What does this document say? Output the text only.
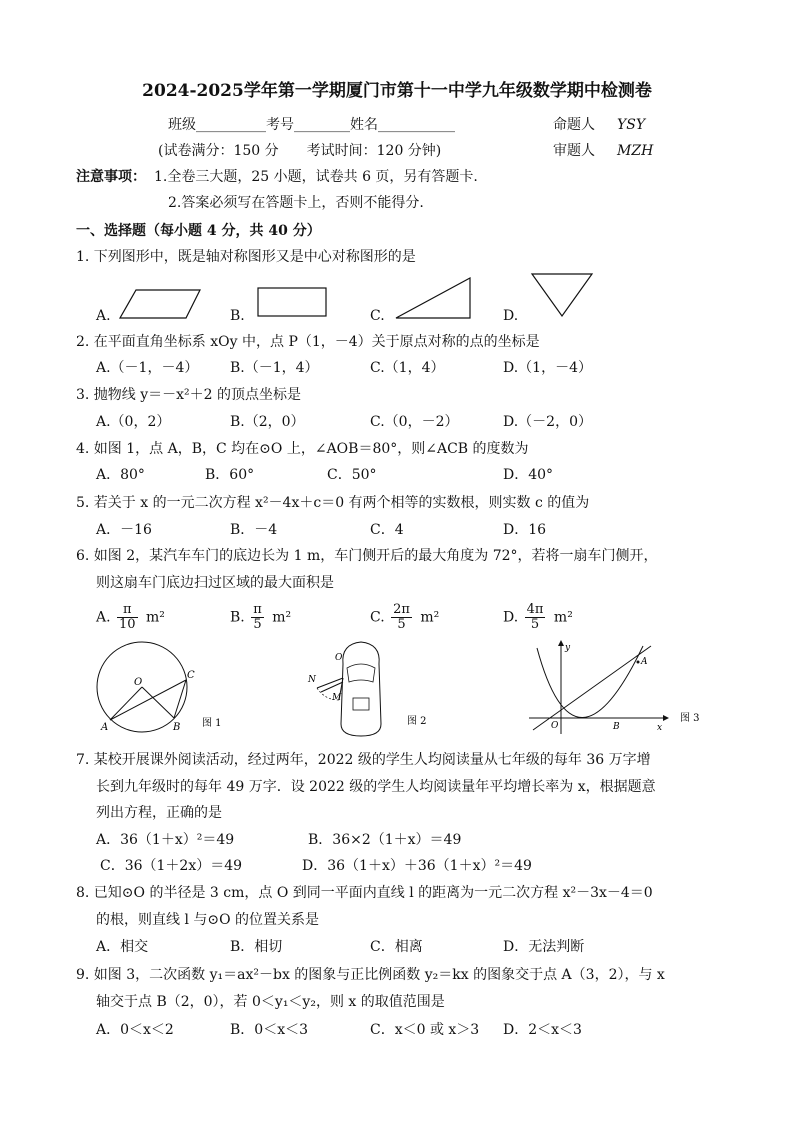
2024-2025学年第一学期厦门市第十一中学九年级数学期中检测卷
班级__________考号________姓名___________	命题人 YSY
(试卷满分：150 分　　考试时间：120 分钟)	审题人 MZH
注意事项： 1.全卷三大题，25 小题，试卷共 6 页，另有答题卡.
2.答案必须写在答题卡上，否则不能得分.
一、选择题（每小题 4 分，共 40 分）
1. 下列图形中，既是轴对称图形又是中心对称图形的是
A.	B.	C.	D.
2. 在平面直角坐标系 xOy 中，点 P（1，－4）关于原点对称的点的坐标是
A.（－1，－4） B.（－1，4）	C.（1，4）	D.（1，－4）
3. 抛物线 y＝－x²＋2 的顶点坐标是
A.（0，2）	B.（2，0）	C.（0，－2）	D.（－2，0）
4. 如图 1，点 A，B，C 均在⊙O 上，∠AOB＝80°，则∠ACB 的度数为
A．80°	B．60°	C．50°	D．40°
5. 若关于 x 的一元二次方程 x²－4x＋c＝0 有两个相等的实数根，则实数 c 的值为
A．－16	B．－4	C．4	D．16
6. 如图 2，某汽车车门的底边长为 1 m，车门侧开后的最大角度为 72°，若将一扇车门侧开，
则这扇车门底边扫过区域的最大面积是
A. $\frac{\pi}{10} m^2$	B. $\frac{\pi}{5} m^2$	C. $\frac{2\pi}{5} m^2$	D. $\frac{4\pi}{5} m^2$
O
A	B
C
图 1
O
N
M
图 2
y
x
O	B
A
图 3
7. 某校开展课外阅读活动，经过两年，2022 级的学生人均阅读量从七年级的每年 36 万字增
长到九年级时的每年 49 万字．设 2022 级的学生人均阅读量年平均增长率为 x，根据题意
列出方程，正确的是
A．36（1＋x）²＝49	B．36×2（1＋x）＝49
C．36（1＋2x）＝49	D．36（1＋x）＋36（1＋x）²＝49
8. 已知⊙O 的半径是 3 cm，点 O 到同一平面内直线 l 的距离为一元二次方程 x²－3x－4＝0
的根，则直线 l 与⊙O 的位置关系是
A．相交	B．相切	C．相离	D．无法判断
9. 如图 3，二次函数 y₁＝ax²－bx 的图象与正比例函数 y₂＝kx 的图象交于点 A（3，2），与 x
轴交于点 B（2，0），若 0＜y₁＜y₂，则 x 的取值范围是
A．0＜x＜2	B．0＜x＜3	C．x＜0 或 x＞3 D．2＜x＜3
